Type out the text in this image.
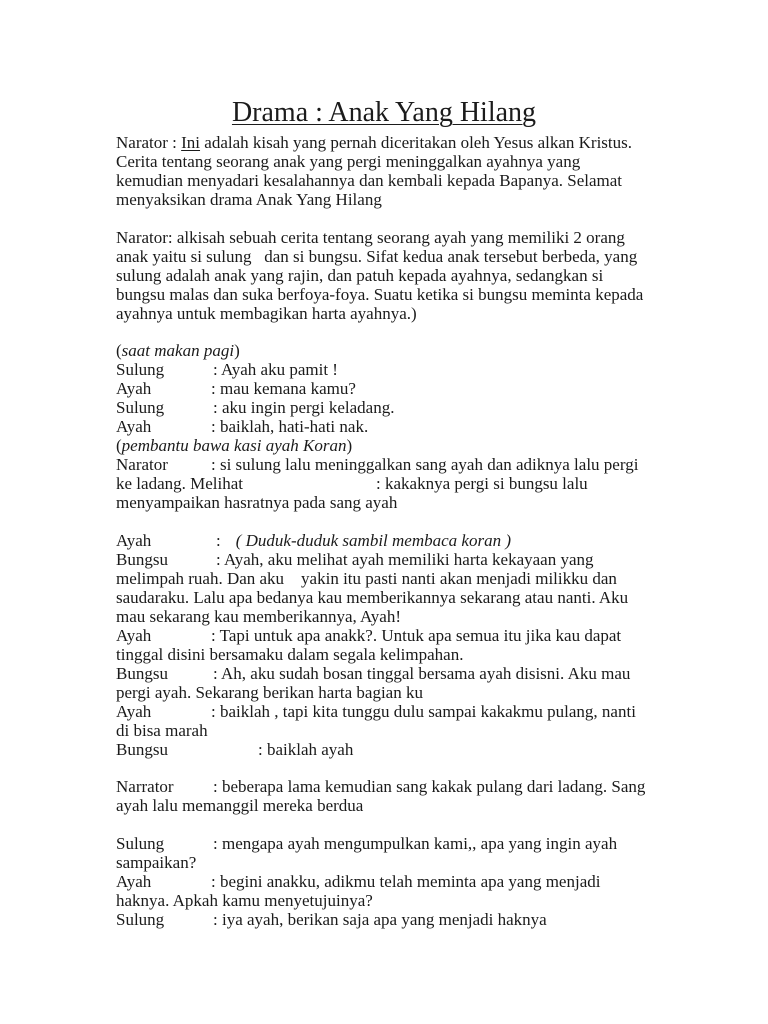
Drama : Anak Yang Hilang
Narator : Ini adalah kisah yang pernah diceritakan oleh Yesus alkan Kristus.
Cerita tentang seorang anak yang pergi meninggalkan ayahnya yang
kemudian menyadari kesalahannya dan kembali kepada Bapanya. Selamat
menyaksikan drama Anak Yang Hilang
Narator: alkisah sebuah cerita tentang seorang ayah yang memiliki 2 orang
anak yaitu si sulung   dan si bungsu. Sifat kedua anak tersebut berbeda, yang
sulung adalah anak yang rajin, dan patuh kepada ayahnya, sedangkan si
bungsu malas dan suka berfoya-foya. Suatu ketika si bungsu meminta kepada
ayahnya untuk membagikan harta ayahnya.)
(saat makan pagi)
Sulung	: Ayah aku pamit !
Ayah	: mau kemana kamu?
Sulung	: aku ingin pergi keladang.
Ayah	: baiklah, hati-hati nak.
(pembantu bawa kasi ayah Koran)
Narator	: si sulung lalu meninggalkan sang ayah dan adiknya lalu pergi
ke ladang. Melihat	: kakaknya pergi si bungsu lalu
menyampaikan hasratnya pada sang ayah
Ayah	: ( Duduk-duduk sambil membaca koran )
Bungsu	: Ayah, aku melihat ayah memiliki harta kekayaan yang
melimpah ruah. Dan aku    yakin itu pasti nanti akan menjadi milikku dan
saudaraku. Lalu apa bedanya kau memberikannya sekarang atau nanti. Aku
mau sekarang kau memberikannya, Ayah!
Ayah	: Tapi untuk apa anakk?. Untuk apa semua itu jika kau dapat
tinggal disini bersamaku dalam segala kelimpahan.
Bungsu	: Ah, aku sudah bosan tinggal bersama ayah disisni. Aku mau
pergi ayah. Sekarang berikan harta bagian ku
Ayah	: baiklah , tapi kita tunggu dulu sampai kakakmu pulang, nanti
di bisa marah
Bungsu	: baiklah ayah
Narrator : beberapa lama kemudian sang kakak pulang dari ladang. Sang
ayah lalu memanggil mereka berdua
Sulung	: mengapa ayah mengumpulkan kami,, apa yang ingin ayah
sampaikan?
Ayah	: begini anakku, adikmu telah meminta apa yang menjadi
haknya. Apkah kamu menyetujuinya?
Sulung	: iya ayah, berikan saja apa yang menjadi haknya
